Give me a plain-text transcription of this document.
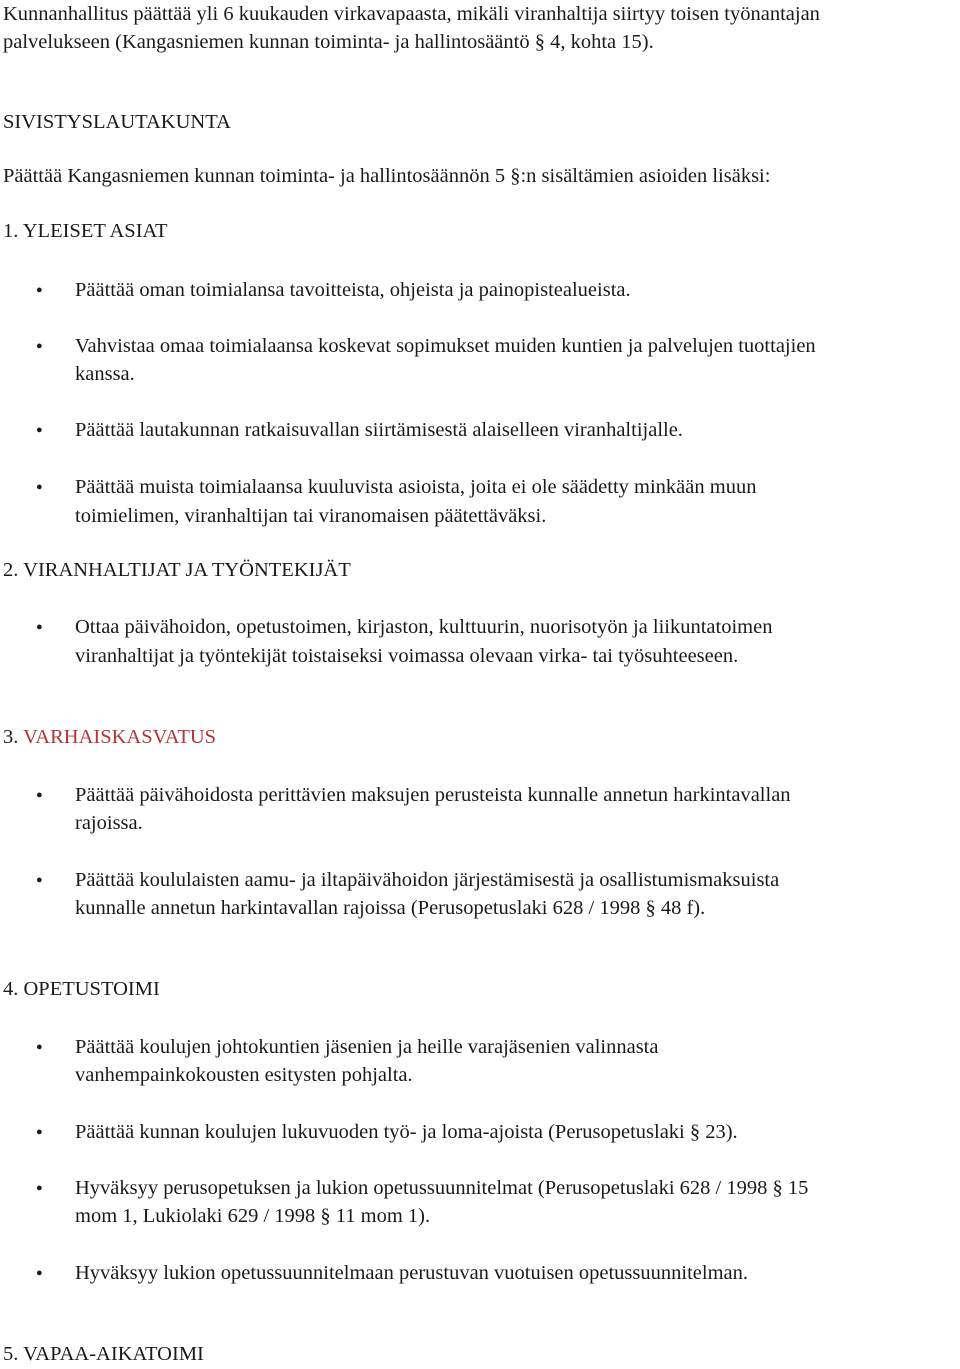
Kunnanhallitus päättää yli 6 kuukauden virkavapaasta, mikäli viranhaltija siirtyy toisen työnantajan

palvelukseen (Kangasniemen kunnan toiminta- ja hallintosääntö § 4, kohta 15).

SIVISTYSLAUTAKUNTA

Päättää Kangasniemen kunnan toiminta- ja hallintosäännön 5 §:n sisältämien asioiden lisäksi:

1. YLEISET ASIAT

● Päättää oman toimialansa tavoitteista, ohjeista ja painopistealueista.

● Vahvistaa omaa toimialaansa koskevat sopimukset muiden kuntien ja palvelujen tuottajien

kanssa.

● Päättää lautakunnan ratkaisuvallan siirtämisestä alaiselleen viranhaltijalle.

● Päättää muista toimialaansa kuuluvista asioista, joita ei ole säädetty minkään muun

toimielimen, viranhaltijan tai viranomaisen päätettäväksi.

2. VIRANHALTIJAT JA TYÖNTEKIJÄT

● Ottaa päivähoidon, opetustoimen, kirjaston, kulttuurin, nuorisotyön ja liikuntatoimen

viranhaltijat ja työntekijät toistaiseksi voimassa olevaan virka- tai työsuhteeseen.

3. VARHAISKASVATUS

● Päättää päivähoidosta perittävien maksujen perusteista kunnalle annetun harkintavallan

rajoissa.

● Päättää koululaisten aamu- ja iltapäivähoidon järjestämisestä ja osallistumismaksuista

kunnalle annetun harkintavallan rajoissa (Perusopetuslaki 628 / 1998 § 48 f).

4. OPETUSTOIMI

● Päättää koulujen johtokuntien jäsenien ja heille varajäsenien valinnasta

vanhempainkokousten esitysten pohjalta.

● Päättää kunnan koulujen lukuvuoden työ- ja loma-ajoista (Perusopetuslaki § 23).

● Hyväksyy perusopetuksen ja lukion opetussuunnitelmat (Perusopetuslaki 628 / 1998 § 15

mom 1, Lukiolaki 629 / 1998 § 11 mom 1).

● Hyväksyy lukion opetussuunnitelmaan perustuvan vuotuisen opetussuunnitelman.

5. VAPAA-AIKATOIMI
